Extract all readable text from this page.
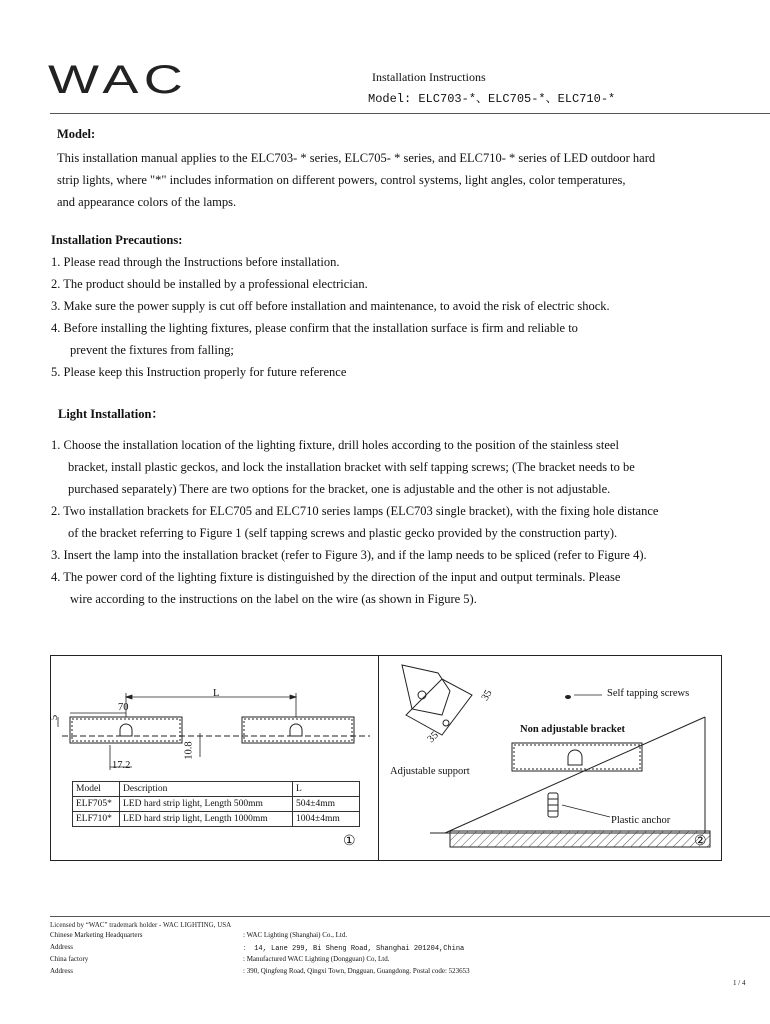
WAC	Installation Instructions
Model: ELC703-*、ELC705-*、ELC710-*
Model:
This installation manual applies to the ELC703- * series, ELC705- * series, and ELC710- * series of LED outdoor hard
strip lights, where "*" includes information on different powers, control systems, light angles, color temperatures,
and appearance colors of the lamps.
Installation Precautions:
1. Please read through the Instructions before installation.
2. The product should be installed by a professional electrician.
3. Make sure the power supply is cut off before installation and maintenance, to avoid the risk of electric shock.
4. Before installing the lighting fixtures, please confirm that the installation surface is firm and reliable to
prevent the fixtures from falling;
5. Please keep this Instruction properly for future reference
Light Installation：
1. Choose the installation location of the lighting fixture, drill holes according to the position of the stainless steel
bracket, install plastic geckos, and lock the installation bracket with self tapping screws; (The bracket needs to be
purchased separately) There are two options for the bracket, one is adjustable and the other is not adjustable.
2. Two installation brackets for ELC705 and ELC710 series lamps (ELC703 single bracket), with the fixing hole distance
of the bracket referring to Figure 1 (self tapping screws and plastic gecko provided by the construction party).
3. Insert the lamp into the installation bracket (refer to Figure 3), and if the lamp needs to be spliced (refer to Figure 4).
4. The power cord of the lighting fixture is distinguished by the direction of the input and output terminals. Please
wire according to the instructions on the label on the wire (as shown in Figure 5).
L
70
5
17.2
10.8
Model	Description	L
ELF705*	LED hard strip light, Length 500mm	504±4mm
ELF710*	LED hard strip light, Length 1000mm	1004±4mm
①
Self tapping screws
Non adjustable bracket
Adjustable support
Plastic anchor
35
35
②
Licensed by “WAC” trademark holder - WAC LIGHTING, USA
Chinese Marketing Headquarters	: WAC Lighting (Shanghai) Co., Ltd.
Address	： 14, Lane 299, Bi Sheng Road, Shanghai 201204,China
China factory	: Manufactured WAC Lighting (Dongguan) Co, Ltd.
Address	: 390, Qingfeng Road, Qingxi Town, Dngguan, Guangdong. Postal code: 523653
1 / 4
